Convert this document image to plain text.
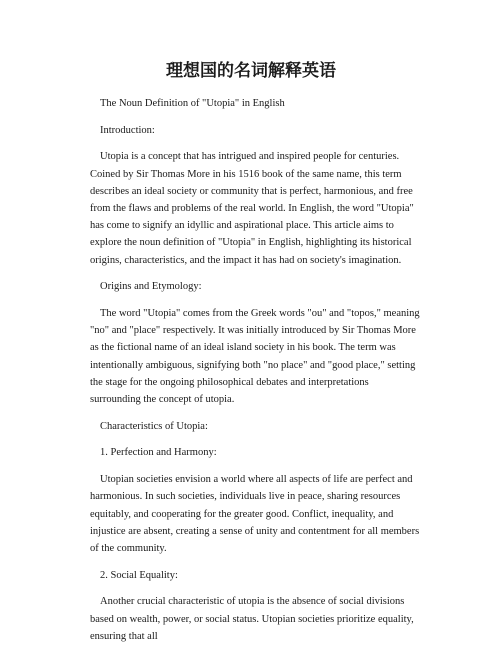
理想国的名词解释英语

The Noun Definition of "Utopia" in English

Introduction:

Utopia is a concept that has intrigued and inspired people for centuries. Coined by Sir Thomas More in his 1516 book of the same name, this term describes an ideal society or community that is perfect, harmonious, and free from the flaws and problems of the real world. In English, the word "Utopia" has come to signify an idyllic and aspirational place. This article aims to explore the noun definition of "Utopia" in English, highlighting its historical origins, characteristics, and the impact it has had on society's imagination.

Origins and Etymology:

The word "Utopia" comes from the Greek words "ou" and "topos," meaning "no" and "place" respectively. It was initially introduced by Sir Thomas More as the fictional name of an ideal island society in his book. The term was intentionally ambiguous, signifying both "no place" and "good place," setting the stage for the ongoing philosophical debates and interpretations surrounding the concept of utopia.

Characteristics of Utopia:

1. Perfection and Harmony:

Utopian societies envision a world where all aspects of life are perfect and harmonious. In such societies, individuals live in peace, sharing resources equitably, and cooperating for the greater good. Conflict, inequality, and injustice are absent, creating a sense of unity and contentment for all members of the community.

2. Social Equality:

Another crucial characteristic of utopia is the absence of social divisions based on wealth, power, or social status. Utopian societies prioritize equality, ensuring that all
